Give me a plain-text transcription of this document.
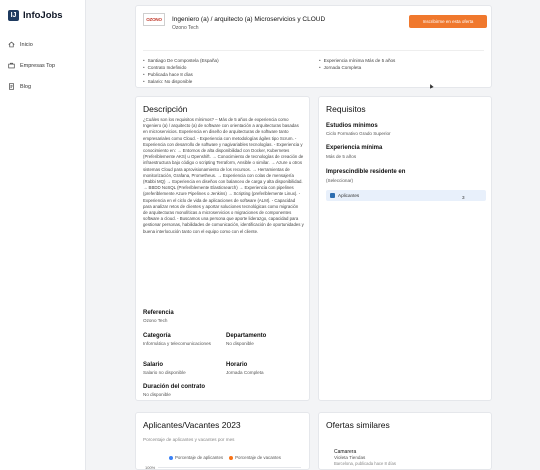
IJ InfoJobs
Inicio
Empresas Top
Blog
OZONO	Ingeniero (a) / arquitecto (a) Microservicios y CLOUD
Ozono Tech
Inscribirme en esta oferta
• Santiago De Compostela (España)
• Contrato Indefinido
• Publicada hace 8 días
• Salario: No disponible
• Experiencia mínima Más de 5 años
• Jornada Completa
Descripción
¿Cuáles son los requisitos mínimos? – Más de 5 años de experiencia como Ingeniero (a) / arquitecto (a) de software con orientación a arquitecturas basadas en microservicios. Experiencia en diseño de arquitecturas de software tanto empresariales como Cloud. - Experiencia con metodologías ágiles tipo Scrum. - Experiencia con desarrollo de software y nagivariables tecnologías. - Experiencia y conocimiento en: → Entornos de alta disponibilidad con Docker, Kubernetes (Preferiblemente AKS) u Openshift. → Conocimiento de tecnologías de creación de infraestructura bajo código o scripting Terraform, Ansible o similar. → Azure u otros sistemas Cloud para aprovisionamiento de los recursos. → Herramientas de monitorización, Grafana, Prometheus. → Experiencia con colas de mensajería (Rabbi MQ) → Experiencia en diseños con balanceo de carga y alta disponibilidad. → BBDD NoSQL (Preferiblemente Elasticsearch) → Experiencia con pipelines (preferiblemente Azure Pipelines o Jenkins) → Scripting (preferiblemente Linux). - Experiencia en el ciclo de vida de aplicaciones de software (ALM). - Capacidad para analizar retos de clientes y aportar soluciones tecnológicas como migración de arquitecturas monolíticas a microservicios o migraciones de componentes software a cloud. - Buscamos una persona que aporte liderazgo, capacidad para gestionar personas, habilidades de comunicación, identificación de oportunidades y buena interlocución tanto con el equipo como con el cliente.
Referencia
Ozono Tech
Categoría
Informática y telecomunicaciones
Departamento
No disponible
Salario
Salario no disponible
Horario
Jornada Completa
Duración del contrato
No disponible
Requisitos
Estudios mínimos
Ciclo Formativo Grado Superior
Experiencia mínima
Más de 5 años
Imprescindible residente en
(Seleccionar)
Aplicantes	3
Aplicantes/Vacantes 2023
Porcentaje de aplicantes y vacantes por mes
Porcentaje de aplicantes	Porcentaje de vacantes
100%
Ofertas similares
Camarera
Violeta Tiendas
Barcelona, publicada hace 8 días
